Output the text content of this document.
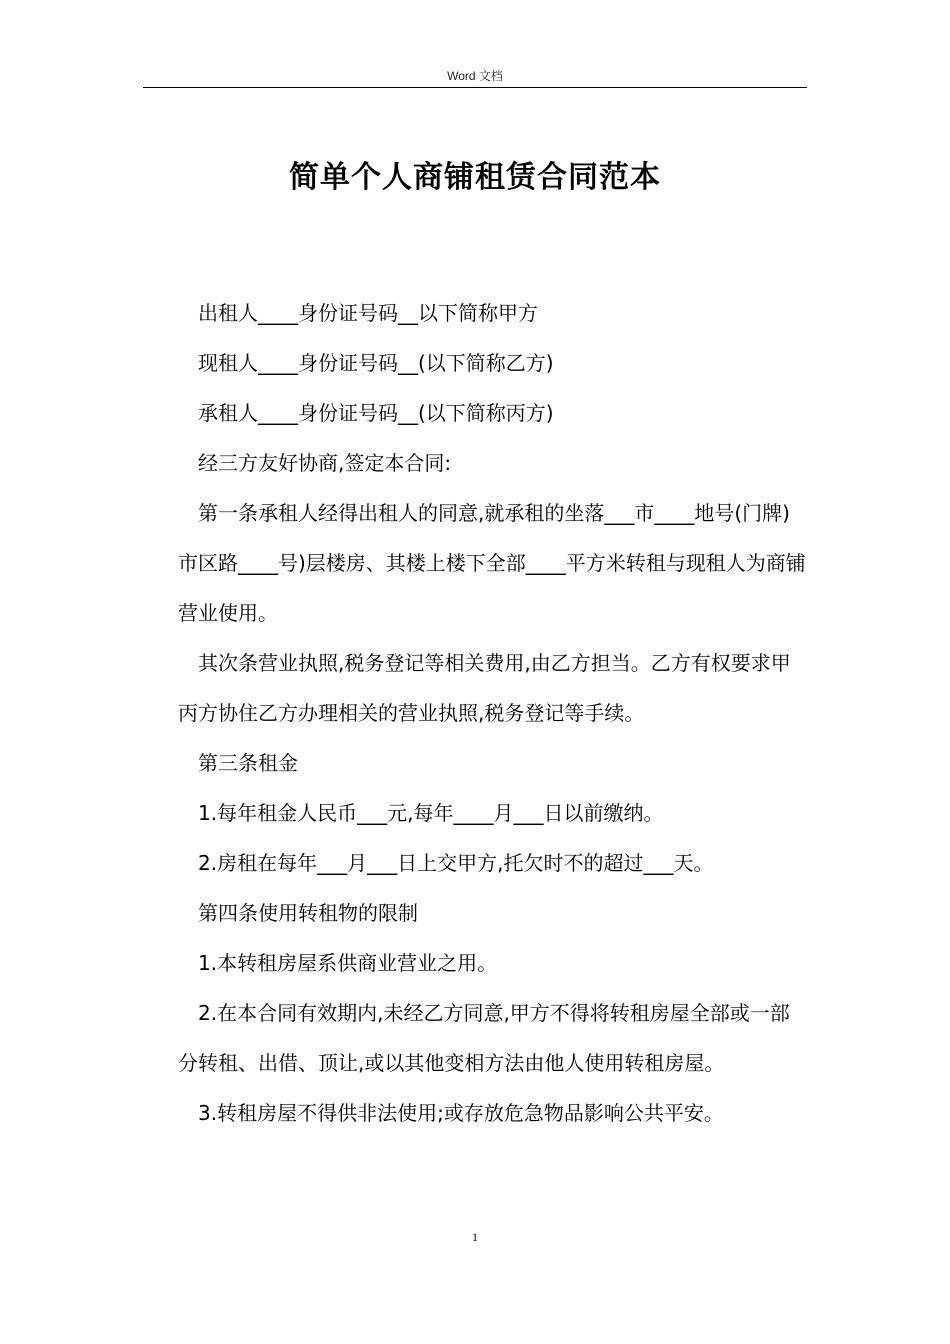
Word 文档
简单个人商铺租赁合同范本

出租人____身份证号码__以下简称甲方

现租人____身份证号码__(以下简称乙方)

承租人____身份证号码__(以下简称丙方)

经三方友好协商,签定本合同:

第一条承租人经得出租人的同意,就承租的坐落___市____地号(门牌)市区路____号)层楼房、其楼上楼下全部____平方米转租与现租人为商铺营业使用。

其次条营业执照,税务登记等相关费用,由乙方担当。乙方有权要求甲丙方协住乙方办理相关的营业执照,税务登记等手续。

第三条租金

1.每年租金人民币___元,每年____月___日以前缴纳。

2.房租在每年___月___日上交甲方,托欠时不的超过___天。

第四条使用转租物的限制

1.本转租房屋系供商业营业之用。

2.在本合同有效期内,未经乙方同意,甲方不得将转租房屋全部或一部分转租、出借、顶让,或以其他变相方法由他人使用转租房屋。

3.转租房屋不得供非法使用;或存放危急物品影响公共平安。

1
